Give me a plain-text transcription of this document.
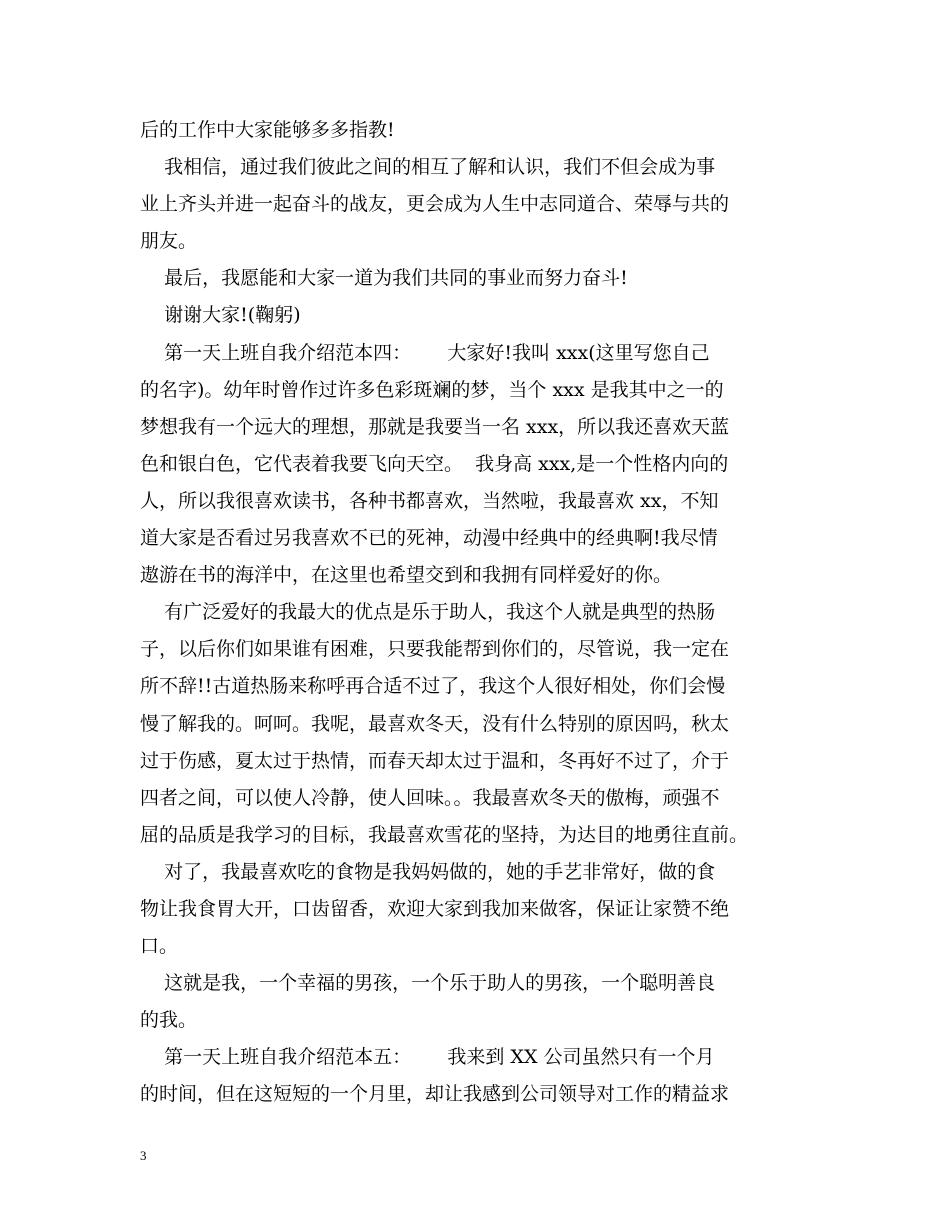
后的工作中大家能够多多指教!
我相信，通过我们彼此之间的相互了解和认识，我们不但会成为事
业上齐头并进一起奋斗的战友，更会成为人生中志同道合、荣辱与共的
朋友。
最后，我愿能和大家一道为我们共同的事业而努力奋斗!
谢谢大家!(鞠躬)
第一天上班自我介绍范本四：      大家好!我叫 xxx(这里写您自己
的名字)。幼年时曾作过许多色彩斑斓的梦，当个 xxx 是我其中之一的
梦想我有一个远大的理想，那就是我要当一名 xxx，所以我还喜欢天蓝
色和银白色，它代表着我要飞向天空。  我身高 xxx,是一个性格内向的
人，所以我很喜欢读书，各种书都喜欢，当然啦，我最喜欢 xx，不知
道大家是否看过另我喜欢不已的死神，动漫中经典中的经典啊!我尽情
遨游在书的海洋中，在这里也希望交到和我拥有同样爱好的你。
有广泛爱好的我最大的优点是乐于助人，我这个人就是典型的热肠
子，以后你们如果谁有困难，只要我能帮到你们的，尽管说，我一定在
所不辞!!古道热肠来称呼再合适不过了，我这个人很好相处，你们会慢
慢了解我的。呵呵。我呢，最喜欢冬天，没有什么特别的原因吗，秋太
过于伤感，夏太过于热情，而春天却太过于温和，冬再好不过了，介于
四者之间，可以使人冷静，使人回味。。我最喜欢冬天的傲梅，顽强不
屈的品质是我学习的目标，我最喜欢雪花的坚持，为达目的地勇往直前。
对了，我最喜欢吃的食物是我妈妈做的，她的手艺非常好，做的食
物让我食胃大开，口齿留香，欢迎大家到我加来做客，保证让家赞不绝
口。
这就是我，一个幸福的男孩，一个乐于助人的男孩，一个聪明善良
的我。
第一天上班自我介绍范本五：      我来到 XX 公司虽然只有一个月
的时间，但在这短短的一个月里，却让我感到公司领导对工作的精益求
3
